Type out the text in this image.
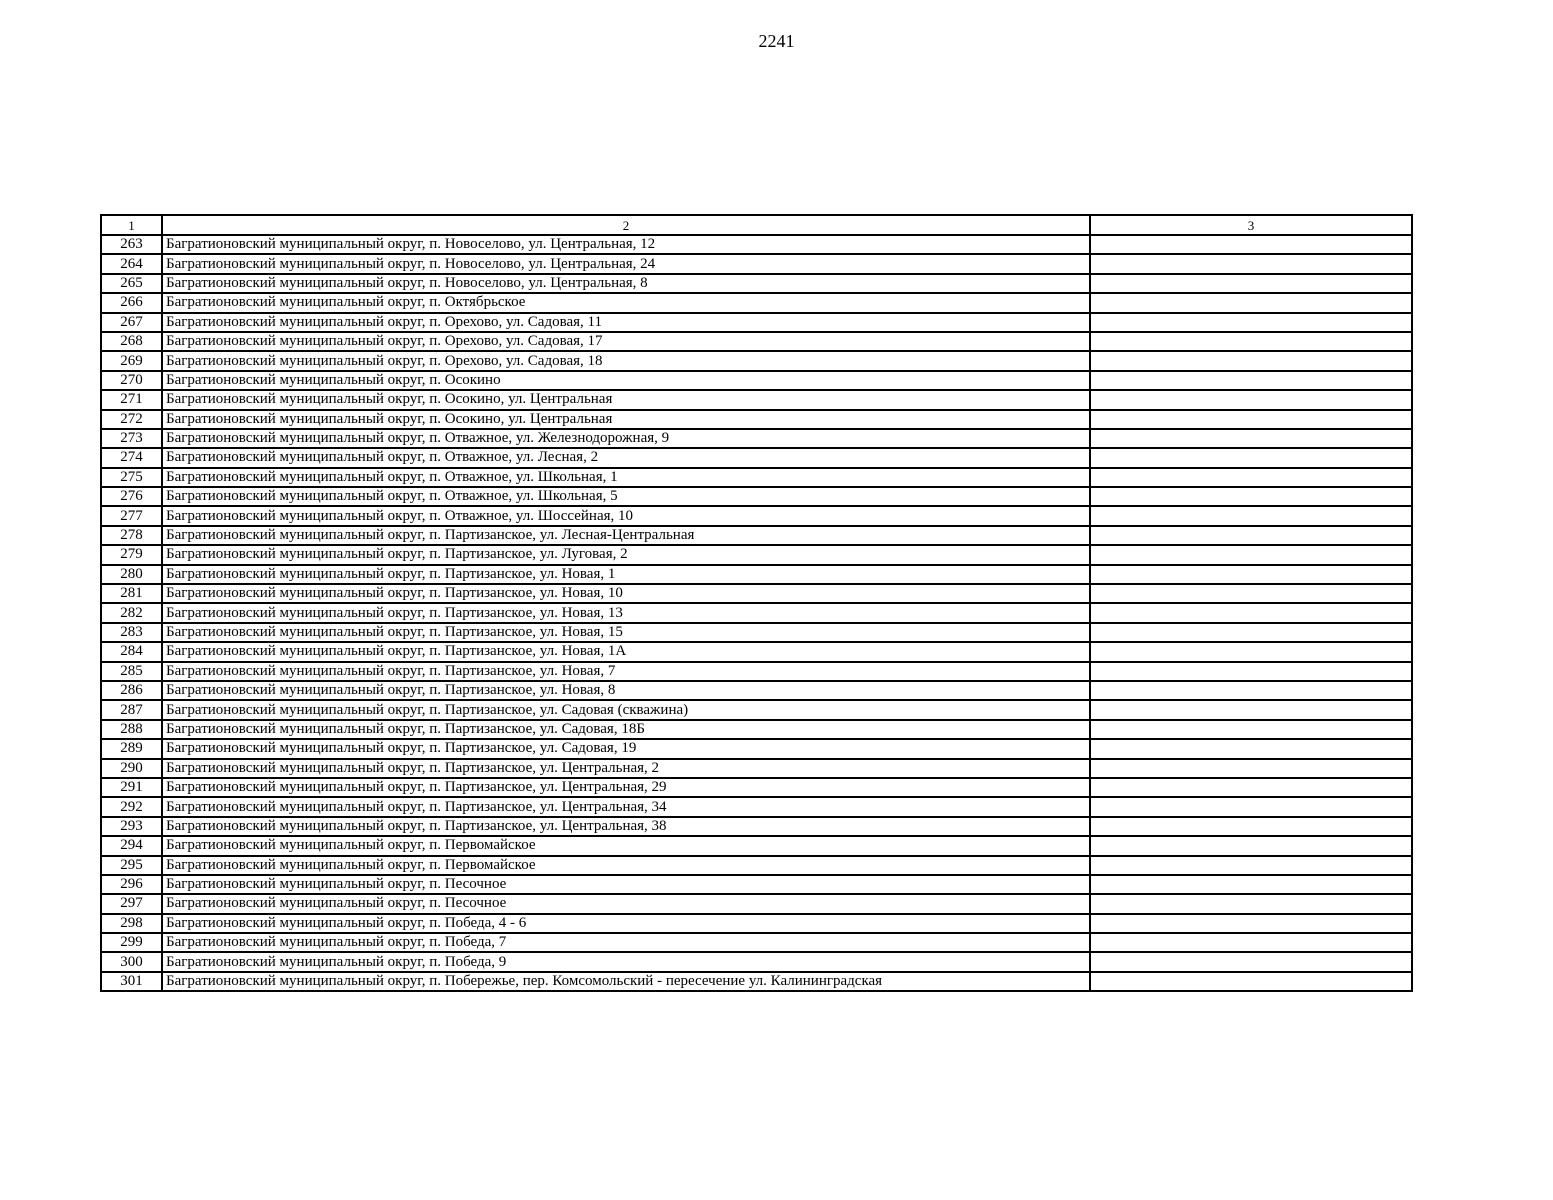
2241
1	2	3
263	Багратионовский муниципальный округ, п. Новоселово, ул. Центральная, 12	
264	Багратионовский муниципальный округ, п. Новоселово, ул. Центральная, 24	
265	Багратионовский муниципальный округ, п. Новоселово, ул. Центральная, 8	
266	Багратионовский муниципальный округ, п. Октябрьское	
267	Багратионовский муниципальный округ, п. Орехово, ул. Садовая, 11	
268	Багратионовский муниципальный округ, п. Орехово, ул. Садовая, 17	
269	Багратионовский муниципальный округ, п. Орехово, ул. Садовая, 18	
270	Багратионовский муниципальный округ, п. Осокино	
271	Багратионовский муниципальный округ, п. Осокино, ул. Центральная	
272	Багратионовский муниципальный округ, п. Осокино, ул. Центральная	
273	Багратионовский муниципальный округ, п. Отважное, ул. Железнодорожная, 9	
274	Багратионовский муниципальный округ, п. Отважное, ул. Лесная, 2	
275	Багратионовский муниципальный округ, п. Отважное, ул. Школьная, 1	
276	Багратионовский муниципальный округ, п. Отважное, ул. Школьная, 5	
277	Багратионовский муниципальный округ, п. Отважное, ул. Шоссейная, 10	
278	Багратионовский муниципальный округ, п. Партизанское, ул. Лесная-Центральная	
279	Багратионовский муниципальный округ, п. Партизанское, ул. Луговая, 2	
280	Багратионовский муниципальный округ, п. Партизанское, ул. Новая, 1	
281	Багратионовский муниципальный округ, п. Партизанское, ул. Новая, 10	
282	Багратионовский муниципальный округ, п. Партизанское, ул. Новая, 13	
283	Багратионовский муниципальный округ, п. Партизанское, ул. Новая, 15	
284	Багратионовский муниципальный округ, п. Партизанское, ул. Новая, 1А	
285	Багратионовский муниципальный округ, п. Партизанское, ул. Новая, 7	
286	Багратионовский муниципальный округ, п. Партизанское, ул. Новая, 8	
287	Багратионовский муниципальный округ, п. Партизанское, ул. Садовая (скважина)	
288	Багратионовский муниципальный округ, п. Партизанское, ул. Садовая, 18Б	
289	Багратионовский муниципальный округ, п. Партизанское, ул. Садовая, 19	
290	Багратионовский муниципальный округ, п. Партизанское, ул. Центральная, 2	
291	Багратионовский муниципальный округ, п. Партизанское, ул. Центральная, 29	
292	Багратионовский муниципальный округ, п. Партизанское, ул. Центральная, 34	
293	Багратионовский муниципальный округ, п. Партизанское, ул. Центральная, 38	
294	Багратионовский муниципальный округ, п. Первомайское	
295	Багратионовский муниципальный округ, п. Первомайское	
296	Багратионовский муниципальный округ, п. Песочное	
297	Багратионовский муниципальный округ, п. Песочное	
298	Багратионовский муниципальный округ, п. Победа, 4 - 6	
299	Багратионовский муниципальный округ, п. Победа, 7	
300	Багратионовский муниципальный округ, п. Победа, 9	
301	Багратионовский муниципальный округ, п. Побережье, пер. Комсомольский - пересечение ул. Калининградская	
